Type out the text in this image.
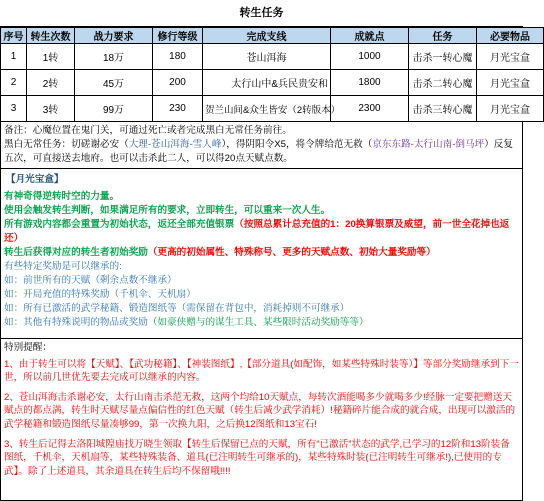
转生任务
序号	转生次数	战力要求	修行等级	完成支线	成就点	任务	必要物品
1	1转	18万	180	苍山洱海	1000	击杀一转心魔	月光宝盒
2	2转	45万	200	太行山中&兵民贵安和	1800	击杀二转心魔	月光宝盒
3	3转	99万	230	贺兰山间&众生皆安（2转版本）	2300	击杀三转心魔	月光宝盒
备注：心魔位置在鬼门关，可通过死亡或者完成黑白无常任务前往。
黑白无常任务：切磋谢必安（大理-苍山洱海-雪人峰），得阴阳令X5，将令牌给范无救（京东东路-太行山南-倒马坪）反复五次，可直接送去地府。也可以击杀此二人，可以得20点天赋点数。
【月光宝盒】
有神奇得逆转时空的力量。
使用会触发转生判断，如果满足所有的要求，立即转生，可以重来一次人生。
所有游戏内容都会重置为初始状态，返还全部充值银票（按照总累计总充值的1：20换算银票及威望，前一世全花掉也返还）
转生后获得对应的转生者初始奖励（更高的初始属性、特殊称号、更多的天赋点数、初始大量奖励等）
有些特定奖励是可以继承的:
如：前世所有的天赋（剩余点数不继承）
如：开局充值的特殊奖励（千机伞、天机扇）
如：所有已激活的武学秘籍、锻造图纸等（需保留在背包中，消耗掉则不可继承）
如：其他有特殊说明的物品或奖励（如豪侠赠与的谋生工具、某些限时活动奖励等等）
特别提醒：
1、由于转生可以将【天赋】、【武功秘籍】、【神装图纸】,【部分道具(如配饰，如某些特殊时装等）】等部分奖励继承到下一世，所以前几世优先要去完成可以继承的内容。
2、苍山洱海击杀谢必安，太行山南击杀范无救，这两个均给10天赋点，每转次酒能喝多少就喝多少!经脉一定要把赠送天赋点的都点满，转生时天赋尽量点偏信性的红色天赋（转生后减少武学消耗）!秘籍碎片能合成的就合成，出现可以激活的武学秘籍和锻造图纸尽量凑够99，第一次换九阳，之后换12图纸和13宝石!
3、转生后记得去洛阳城隍庙找万晓生领取【转生后保留已点的天赋，所有“已激活”状态的武学,已学习的12阶和13阶装备图纸，千机伞，天机扇等，某些特殊装备、道具(已注明转生可继承的)，某些特殊时装(已注明转生可继承!),已使用的专武】。除了上述道具，其余道具在转生后均不保留哦!!!!
